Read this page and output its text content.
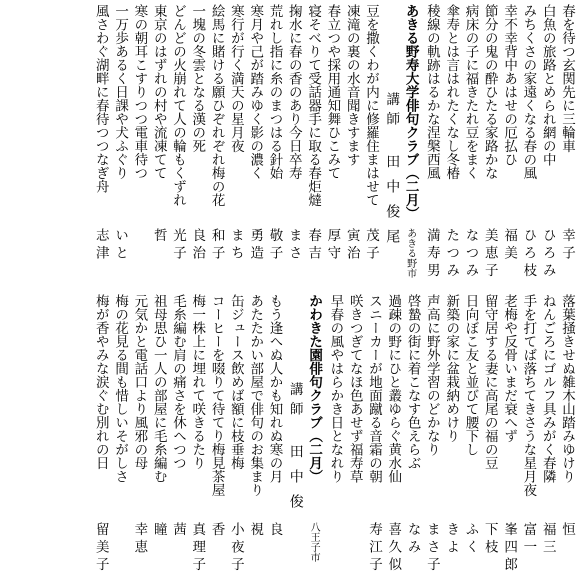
春を待つ玄関先に三輪車
幸子
白魚の旅路とめられ網の中
ひろみ
みちくさの家遠くなる春の風
ひろ枝
幸不幸背中あはせの厄払ひ
福美
節分の鬼の酔ひたる家路かな
美恵子
病床の子に福きたれ豆をまく
なつみ
傘寿とは言はれたくなし冬椿
たつみ
稜線の軌跡はるかな涅槃西風
満寿男
あきる野寿大学俳句クラブ（二月）
あきる野市
講師
田中俊尾
豆を撒くわが内に修羅住まはせて
茂子
凍滝の裏の水音聞きすます
寅治
春立つや採用通知舞ひこみて
厚守
寝そべりて受話器手に取る春炬燵
春吉
掬水に春の香のあり今日卒寿
まさ
荒れし指に糸のまつはる針始
敬子
寒月や己が踏みゆく影の濃く
勇造
寒行が行く満天の星月夜
まち
絵馬に賭ける願ひぞれぞれ梅の花
和子
一塊の冬雲となる漢の死
良治
どんどの火崩れて人の輪もくずれ
光子
東京のはずれの村や流凍てて
哲
寒の朝耳こすりつつ電車待つ
一万歩あるく日課や犬ふぐり
いと
風さわぐ湖畔に春待つつなぎ舟
志津
落葉掻きせぬ雑木山踏みゆけり
恒
ねんごろにゴルフ具みがく春隣
福三
手を打てば落ちてきさうな星月夜
富一
老梅や反骨いまだ衰へず
峯四郎
留守居する妻に高尾の福の豆
下枝
日向ぼこ友と並びて腰下し
ふく
新築の家に盆栽納めけり
きよ
声高に野外学習のどかなり
まさ子
啓蟄の街に着こなす色えらぶ
なみ
過疎の野にひと叢ゆらぐ黄水仙
喜久似
スニーカーが地面蹴る音霜の朝
寿江子
咲きつぎてなほ色あせず福寿草
早春の風やはらかき日となれり
かわきた園俳句クラブ（二月）
八王子市
講師
田中俊
もう逢へぬ人かも知れぬ寒の月
良
あたたかい部屋で俳句のお集まり
視
缶ジュース飲めば額に枝垂梅
小夜子
コーヒーを啜りて待てり梅見茶屋
香
梅一株上に埋れて咲きるたり
真理子
毛糸編む肩の痛さを休へつつ
茜
祖母思ひ一人の部屋に毛糸編む
瞳
元気かと電話口より風邪の母
幸恵
梅の花見る間も惜しいそがしさ
梅が香やみな涙ぐむ別れの日
留美子
